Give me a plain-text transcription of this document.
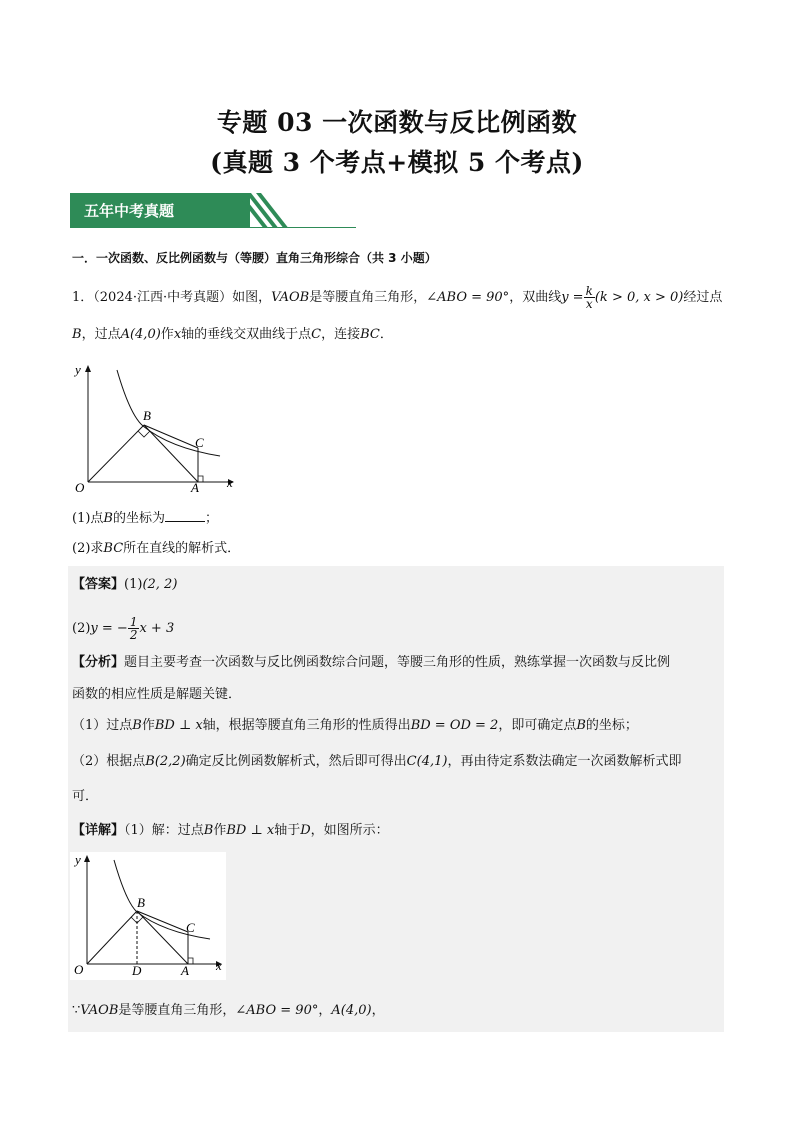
专题 03 一次函数与反比例函数
(真题 3 个考点+模拟 5 个考点)
五年中考真题
一．一次函数、反比例函数与（等腰）直角三角形综合（共 3 小题）
1．（2024·江西·中考真题）如图，VAOB是等腰直角三角形，∠ABO = 90°，双曲线$y = \frac{k}{x} (k > 0$, x > 0)经过点
B，过点A(4,0)作x轴的垂线交双曲线于点C，连接BC．
y
x
O	A
B
C
(1)点B的坐标为	；
(2)求BC所在直线的解析式．
【答案】(1)(2, 2)
(2)y = − $\frac{1}{2}$ x + 3
【分析】题目主要考查一次函数与反比例函数综合问题，等腰三角形的性质，熟练掌握一次函数与反比例
函数的相应性质是解题关键．
（1）过点B作BD ⊥ x轴，根据等腰直角三角形的性质得出BD = OD = 2，即可确定点B的坐标；
（2）根据点B(2,2)确定反比例函数解析式，然后即可得出C(4,1)，再由待定系数法确定一次函数解析式即
可．
【详解】（1）解：过点B作BD ⊥ x轴于D，如图所示：
y
x
O	D	A
B
C
∵VAOB是等腰直角三角形，∠ABO = 90°，A(4,0)，
